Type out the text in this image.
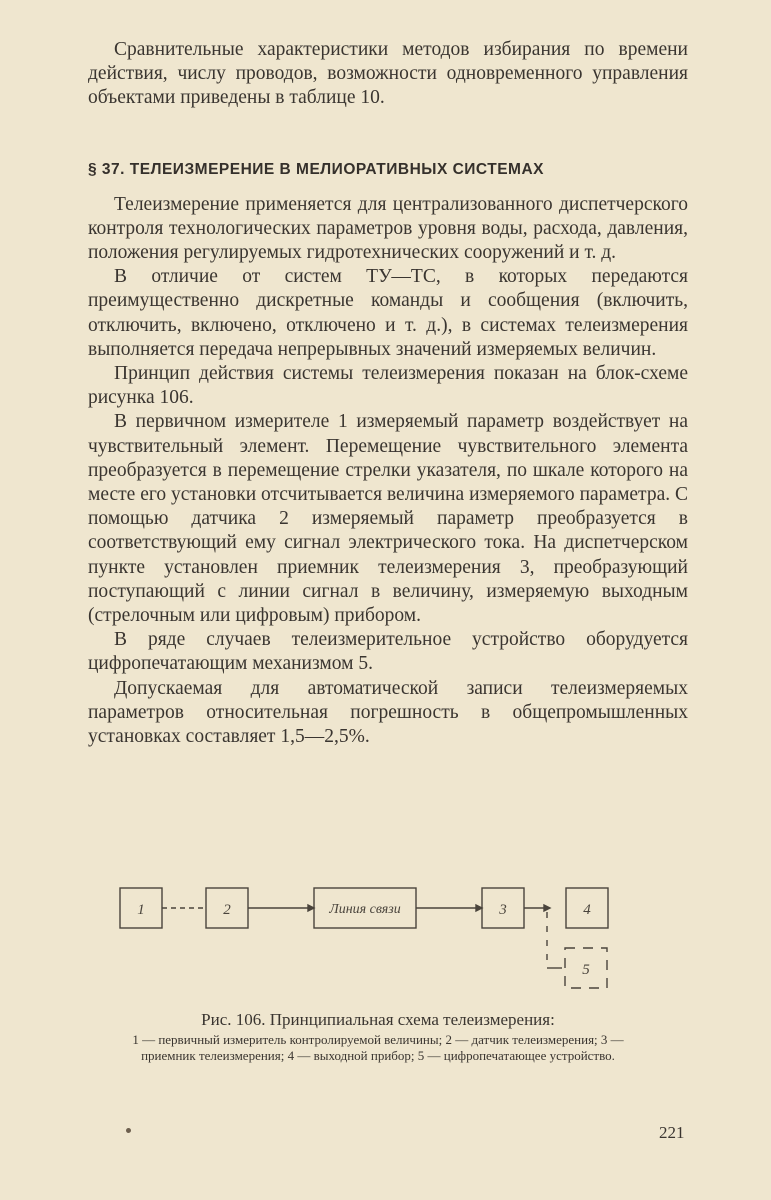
Сравнительные характеристики методов избирания по времени действия, числу проводов, возможности одновременного управления объектами приведены в таблице 10.

§ 37. ТЕЛЕИЗМЕРЕНИЕ В МЕЛИОРАТИВНЫХ СИСТЕМАХ

Телеизмерение применяется для централизованного диспетчерского контроля технологических параметров уровня воды, расхода, давления, положения регулируемых гидротехнических сооружений и т. д.

В отличие от систем ТУ—ТС, в которых передаются преимущественно дискретные команды и сообщения (включить, отключить, включено, отключено и т. д.), в системах телеизмерения выполняется передача непрерывных значений измеряемых величин.

Принцип действия системы телеизмерения показан на блок-схеме рисунка 106.

В первичном измерителе 1 измеряемый параметр воздействует на чувствительный элемент. Перемещение чувствительного элемента преобразуется в перемещение стрелки указателя, по шкале которого на месте его установки отсчитывается величина измеряемого параметра. С помощью датчика 2 измеряемый параметр преобразуется в соответствующий ему сигнал электрического тока. На диспетчерском пункте установлен приемник телеизмерения 3, преобразующий поступающий с линии сигнал в величину, измеряемую выходным (стрелочным или цифровым) прибором.

В ряде случаев телеизмерительное устройство оборудуется цифропечатающим механизмом 5.

Допускаемая для автоматической записи телеизмеряемых параметров относительная погрешность в общепромышленных установках составляет 1,5—2,5%.

1	2	Линия связи	3	4
5
Рис. 106. Принципиальная схема телеизмерения:
1 — первичный измеритель контролируемой величины; 2 — датчик телеизмерения; 3 — приемник телеизмерения; 4 — выходной прибор; 5 — цифропечатающее устройство.
221
